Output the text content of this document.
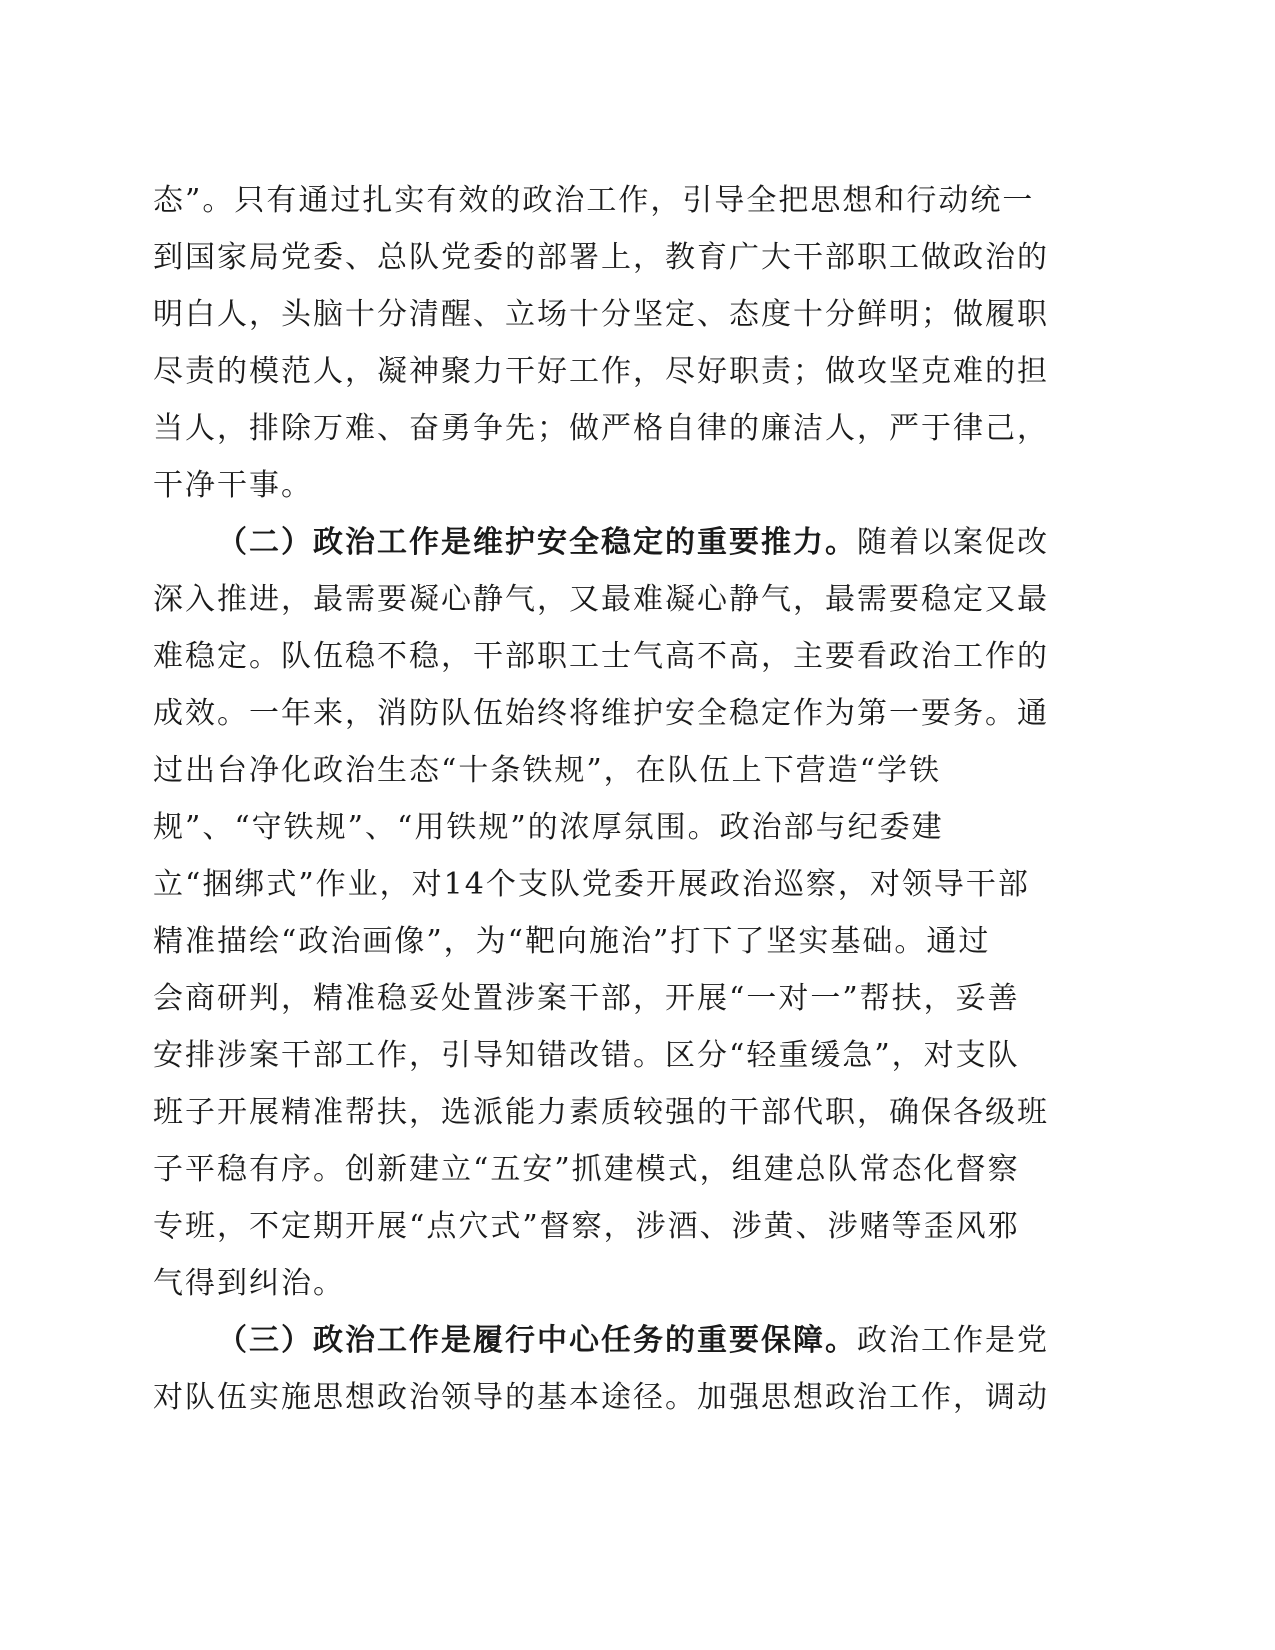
态”。只有通过扎实有效的政治工作，引导全把思想和行动统一
到国家局党委、总队党委的部署上，教育广大干部职工做政治的
明白人，头脑十分清醒、立场十分坚定、态度十分鲜明；做履职
尽责的模范人，凝神聚力干好工作，尽好职责；做攻坚克难的担
当人，排除万难、奋勇争先；做严格自律的廉洁人，严于律己，
干净干事。
（二）政治工作是维护安全稳定的重要推力。随着以案促改
深入推进，最需要凝心静气，又最难凝心静气，最需要稳定又最
难稳定。队伍稳不稳，干部职工士气高不高，主要看政治工作的
成效。一年来，消防队伍始终将维护安全稳定作为第一要务。通
过出台净化政治生态“十条铁规”，在队伍上下营造“学铁
规”、“守铁规”、“用铁规”的浓厚氛围。政治部与纪委建
立“捆绑式”作业，对14个支队党委开展政治巡察，对领导干部
精准描绘“政治画像”，为“靶向施治”打下了坚实基础。通过
会商研判，精准稳妥处置涉案干部，开展“一对一”帮扶，妥善
安排涉案干部工作，引导知错改错。区分“轻重缓急”，对支队
班子开展精准帮扶，选派能力素质较强的干部代职，确保各级班
子平稳有序。创新建立“五安”抓建模式，组建总队常态化督察
专班，不定期开展“点穴式”督察，涉酒、涉黄、涉赌等歪风邪
气得到纠治。
（三）政治工作是履行中心任务的重要保障。政治工作是党
对队伍实施思想政治领导的基本途径。加强思想政治工作，调动
